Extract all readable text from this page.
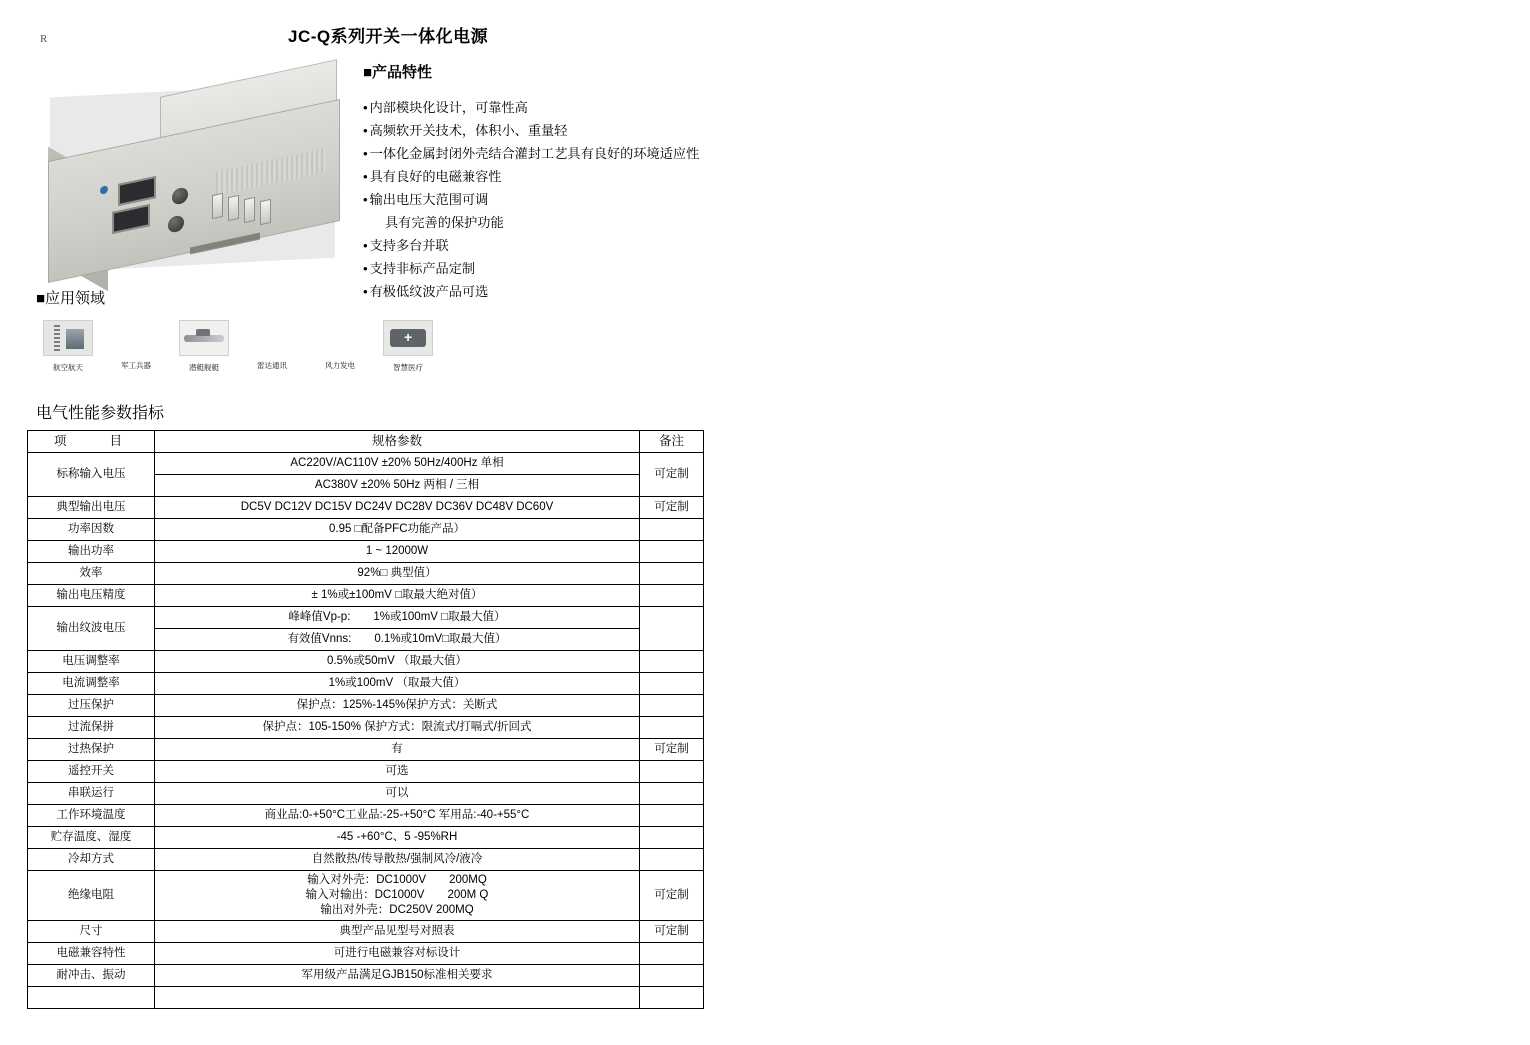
R	JC-Q系列开关一体化电源
■产品特性
• 内部模块化设计，可靠性高
• 高频软开关技术，体积小、重量轻
• 一体化金属封闭外壳结合灌封工艺具有良好的环境适应性
• 具有良好的电磁兼容性
• 输出电压大范围可调
具有完善的保护功能
• 支持多台并联
• 支持非标产品定制
• 有极低纹波产品可选
■应用领域
航空航天	军工兵器	潜艇舰艇	雷达通讯	风力发电
+	智慧医疗
电气性能参数指标
项　　目	规格参数	备注
标称输入电压	AC220V/AC110V ±20% 50Hz/400Hz 单相	可定制
	AC380V ±20% 50Hz 两相 / 三相	
典型输出电压	DC5V DC12V DC15V DC24V DC28V DC36V DC48V DC60V	可定制
功率因数	0.95 □配备PFC功能产品）	
输出功率	1 ~ 12000W	
效率	92%□ 典型值）	
输出电压精度	± 1%或±100mV □取最大绝对值）	
输出纹波电压	峰峰值Vp-p:　　1%或100mV □取最大值）	
	有效值Vnns:　　0.1%或10mV□取最大值）	
电压调整率	0.5%或50mV （取最大值）	
电流调整率	1%或100mV （取最大值）	
过压保护	保护点：125%-145%保护方式：关断式	
过流保拼	保护点：105-150% 保护方式：限流式/打嗝式/折回式	
过热保护	有	可定制
遥控开关	可选	
串联运行	可以	
工作环境温度	商业品:0-+50°C工业品:-25-+50°C 军用品:-40-+55°C	
贮存温度、湿度	-45 -+60°C、5 -95%RH	
冷却方式	自然散热/传导散热/强制风冷/液冷	
绝缘电阻	输入对外壳：DC1000V　　200MQ
输入对输出：DC1000V　　200M Q
输出对外壳：DC250V 200MQ	可定制
尺寸	典型产品见型号对照表	可定制
电磁兼容特性	可进行电磁兼容对标设计	
耐冲击、振动	军用级产品满足GJB150标准相关要求	
